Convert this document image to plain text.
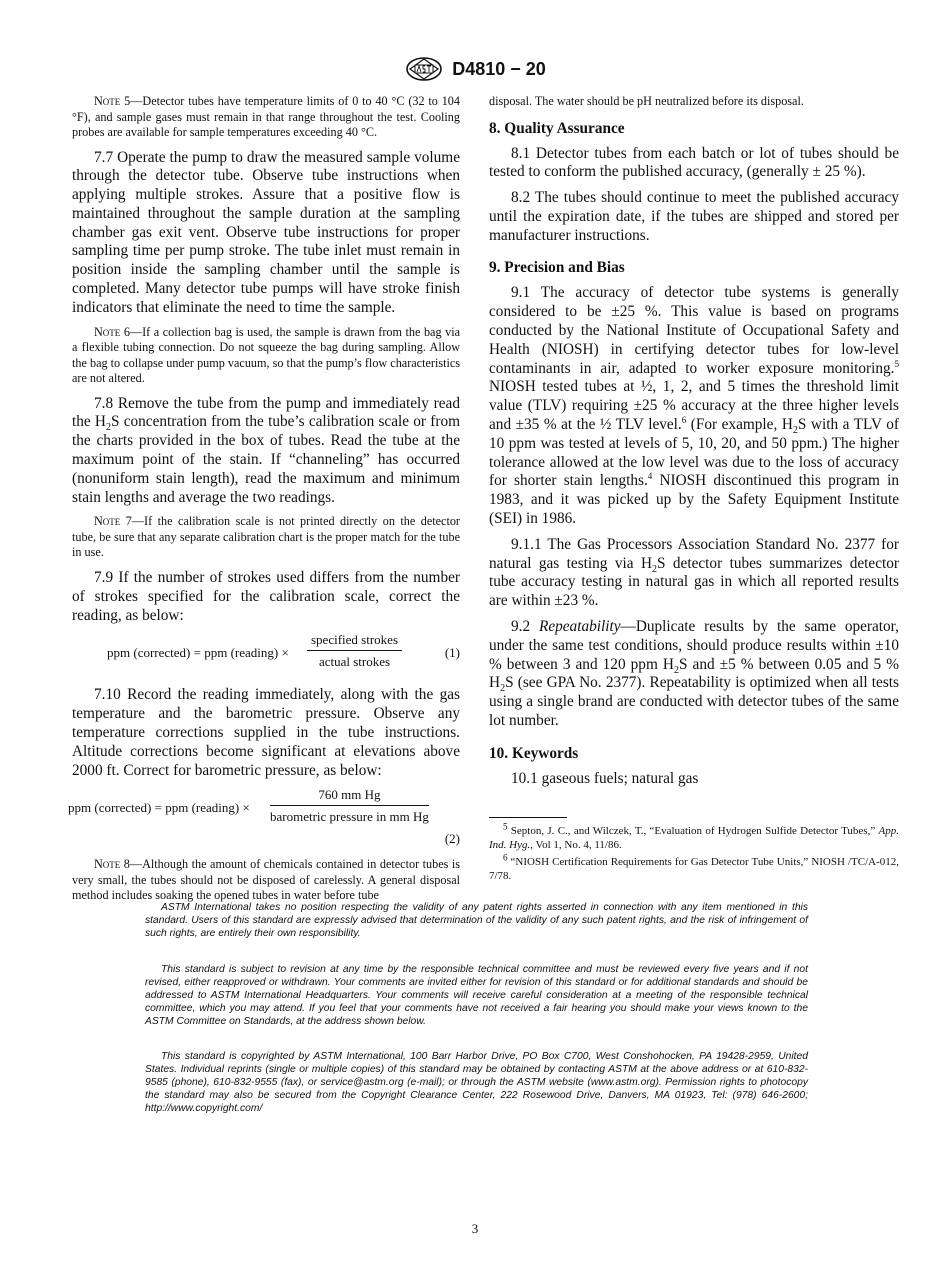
D4810 − 20

Note 5—Detector tubes have temperature limits of 0 to 40 °C (32 to 104 °F), and sample gases must remain in that range throughout the test. Cooling probes are available for sample temperatures exceeding 40 °C.

7.7 Operate the pump to draw the measured sample volume through the detector tube. Observe tube instructions when applying multiple strokes. Assure that a positive flow is maintained throughout the sample duration at the sampling chamber gas exit vent. Observe tube instructions for proper sampling time per pump stroke. The tube inlet must remain in position inside the sampling chamber until the sample is completed. Many detector tube pumps will have stroke finish indicators that eliminate the need to time the sample.

Note 6—If a collection bag is used, the sample is drawn from the bag via a flexible tubing connection. Do not squeeze the bag during sampling. Allow the bag to collapse under pump vacuum, so that the pump’s flow characteristics are not altered.

7.8 Remove the tube from the pump and immediately read the $H_2S$ concentration from the tube’s calibration scale or from the charts provided in the box of tubes. Read the tube at the maximum point of the stain. If “channeling” has occurred (nonuniform stain length), read the maximum and minimum stain lengths and average the two readings.

Note 7—If the calibration scale is not printed directly on the detector tube, be sure that any separate calibration chart is the proper match for the tube in use.

7.9 If the number of strokes used differs from the number of strokes specified for the calibration scale, correct the reading, as below:

ppm (corrected) = ppm (reading) ×
specified strokes
actual strokes
(1)

7.10 Record the reading immediately, along with the gas temperature and the barometric pressure. Observe any temperature corrections supplied in the tube instructions. Altitude corrections become significant at elevations above 2000 ft. Correct for barometric pressure, as below:

ppm (corrected) = ppm (reading) ×
760 mm Hg
barometric pressure in mm Hg
(2)

Note 8—Although the amount of chemicals contained in detector tubes is very small, the tubes should not be disposed of carelessly. A general disposal method includes soaking the opened tubes in water before tube

disposal. The water should be pH neutralized before its disposal.

8. Quality Assurance

8.1 Detector tubes from each batch or lot of tubes should be tested to conform the published accuracy, (generally ± 25 %).

8.2 The tubes should continue to meet the published accuracy until the expiration date, if the tubes are shipped and stored per manufacturer instructions.

9. Precision and Bias

9.1 The accuracy of detector tube systems is generally considered to be ±25 %. This value is based on programs conducted by the National Institute of Occupational Safety and Health (NIOSH) in certifying detector tubes for low-level contaminants in air, adapted to worker exposure monitoring.$^5$ NIOSH tested tubes at ½, 1, 2, and 5 times the threshold limit value (TLV) requiring ±25 % accuracy at the three higher levels and ±35 % at the ½ TLV level.$^6$ (For example, $H_2S$ with a TLV of 10 ppm was tested at levels of 5, 10, 20, and 50 ppm.) The higher tolerance allowed at the low level was due to the loss of accuracy for shorter stain lengths.$^4$ NIOSH discontinued this program in 1983, and it was picked up by the Safety Equipment Institute (SEI) in 1986.

9.1.1 The Gas Processors Association Standard No. 2377 for natural gas testing via $H_2S$ detector tubes summarizes detector tube accuracy testing in natural gas in which all reported results are within ±23 %.

9.2 Repeatability—Duplicate results by the same operator, under the same test conditions, should produce results within ±10 % between 3 and 120 ppm $H_2S$ and ±5 % between 0.05 and 5 % $H_2S$ (see GPA No. 2377). Repeatability is optimized when all tests using a single brand are conducted with detector tubes of the same lot number.

10. Keywords

10.1 gaseous fuels; natural gas

$^5$ Septon, J. C., and Wilczek, T., “Evaluation of Hydrogen Sulfide Detector Tubes,” App. Ind. Hyg., Vol 1, No. 4, 11/86.

$^6$ “NIOSH Certification Requirements for Gas Detector Tube Units,” NIOSH /TC/A-012, 7/78.

ASTM International takes no position respecting the validity of any patent rights asserted in connection with any item mentioned in this standard. Users of this standard are expressly advised that determination of the validity of any such patent rights, and the risk of infringement of such rights, are entirely their own responsibility.

This standard is subject to revision at any time by the responsible technical committee and must be reviewed every five years and if not revised, either reapproved or withdrawn. Your comments are invited either for revision of this standard or for additional standards and should be addressed to ASTM International Headquarters. Your comments will receive careful consideration at a meeting of the responsible technical committee, which you may attend. If you feel that your comments have not received a fair hearing you should make your views known to the ASTM Committee on Standards, at the address shown below.

This standard is copyrighted by ASTM International, 100 Barr Harbor Drive, PO Box C700, West Conshohocken, PA 19428-2959, United States. Individual reprints (single or multiple copies) of this standard may be obtained by contacting ASTM at the above address or at 610-832-9585 (phone), 610-832-9555 (fax), or service@astm.org (e-mail); or through the ASTM website (www.astm.org). Permission rights to photocopy the standard may also be secured from the Copyright Clearance Center, 222 Rosewood Drive, Danvers, MA 01923, Tel: (978) 646-2600; http://www.copyright.com/

3
